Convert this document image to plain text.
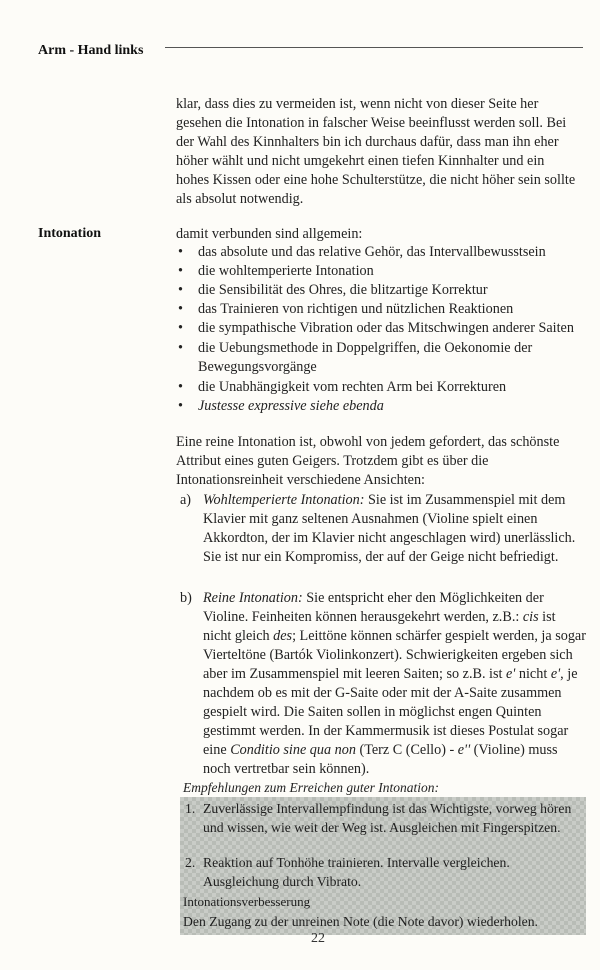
Arm - Hand links
klar, dass dies zu vermeiden ist, wenn nicht von dieser Seite her gesehen die Intonation in falscher Weise beeinflusst werden soll. Bei der Wahl des Kinnhalters bin ich durchaus dafür, dass man ihn eher höher wählt und nicht umgekehrt einen tiefen Kinnhalter und ein hohes Kissen oder eine hohe Schulterstütze, die nicht höher sein sollte als absolut notwendig.
Intonation	damit verbunden sind allgemein:
• das absolute und das relative Gehör, das Intervallbewusstsein
• die wohltemperierte Intonation
• die Sensibilität des Ohres, die blitzartige Korrektur
• das Trainieren von richtigen und nützlichen Reaktionen
• die sympathische Vibration oder das Mitschwingen anderer Saiten
• die Uebungsmethode in Doppelgriffen, die Oekonomie der Bewegungsvorgänge
• die Unabhängigkeit vom rechten Arm bei Korrekturen
• Justesse expressive siehe ebenda
Eine reine Intonation ist, obwohl von jedem gefordert, das schönste Attribut eines guten Geigers. Trotzdem gibt es über die Intonationsreinheit verschiedene Ansichten:
a) Wohltemperierte Intonation: Sie ist im Zusammenspiel mit dem Klavier mit ganz seltenen Ausnahmen (Violine spielt einen Akkordton, der im Klavier nicht angeschlagen wird) unerlässlich. Sie ist nur ein Kompromiss, der auf der Geige nicht befriedigt.
b) Reine Intonation: Sie entspricht eher den Möglichkeiten der Violine. Feinheiten können herausgekehrt werden, z.B.: cis ist nicht gleich des; Leittöne können schärfer gespielt werden, ja sogar Vierteltöne (Bartók Violinkonzert). Schwierigkeiten ergeben sich aber im Zusammenspiel mit leeren Saiten; so z.B. ist e' nicht e', je nachdem ob es mit der G-Saite oder mit der A-Saite zusammen gespielt wird. Die Saiten sollen in möglichst engen Quinten gestimmt werden. In der Kammermusik ist dieses Postulat sogar eine Conditio sine qua non (Terz C (Cello) - e'' (Violine) muss noch vertretbar sein können).
Empfehlungen zum Erreichen guter Intonation:
1. Zuverlässige Intervallempfindung ist das Wichtigste, vorweg hören und wissen, wie weit der Weg ist. Ausgleichen mit Fingerspitzen.
2. Reaktion auf Tonhöhe trainieren. Intervalle vergleichen. Ausgleichung durch Vibrato.
Intonationsverbesserung
Den Zugang zu der unreinen Note (die Note davor) wiederholen.
22
